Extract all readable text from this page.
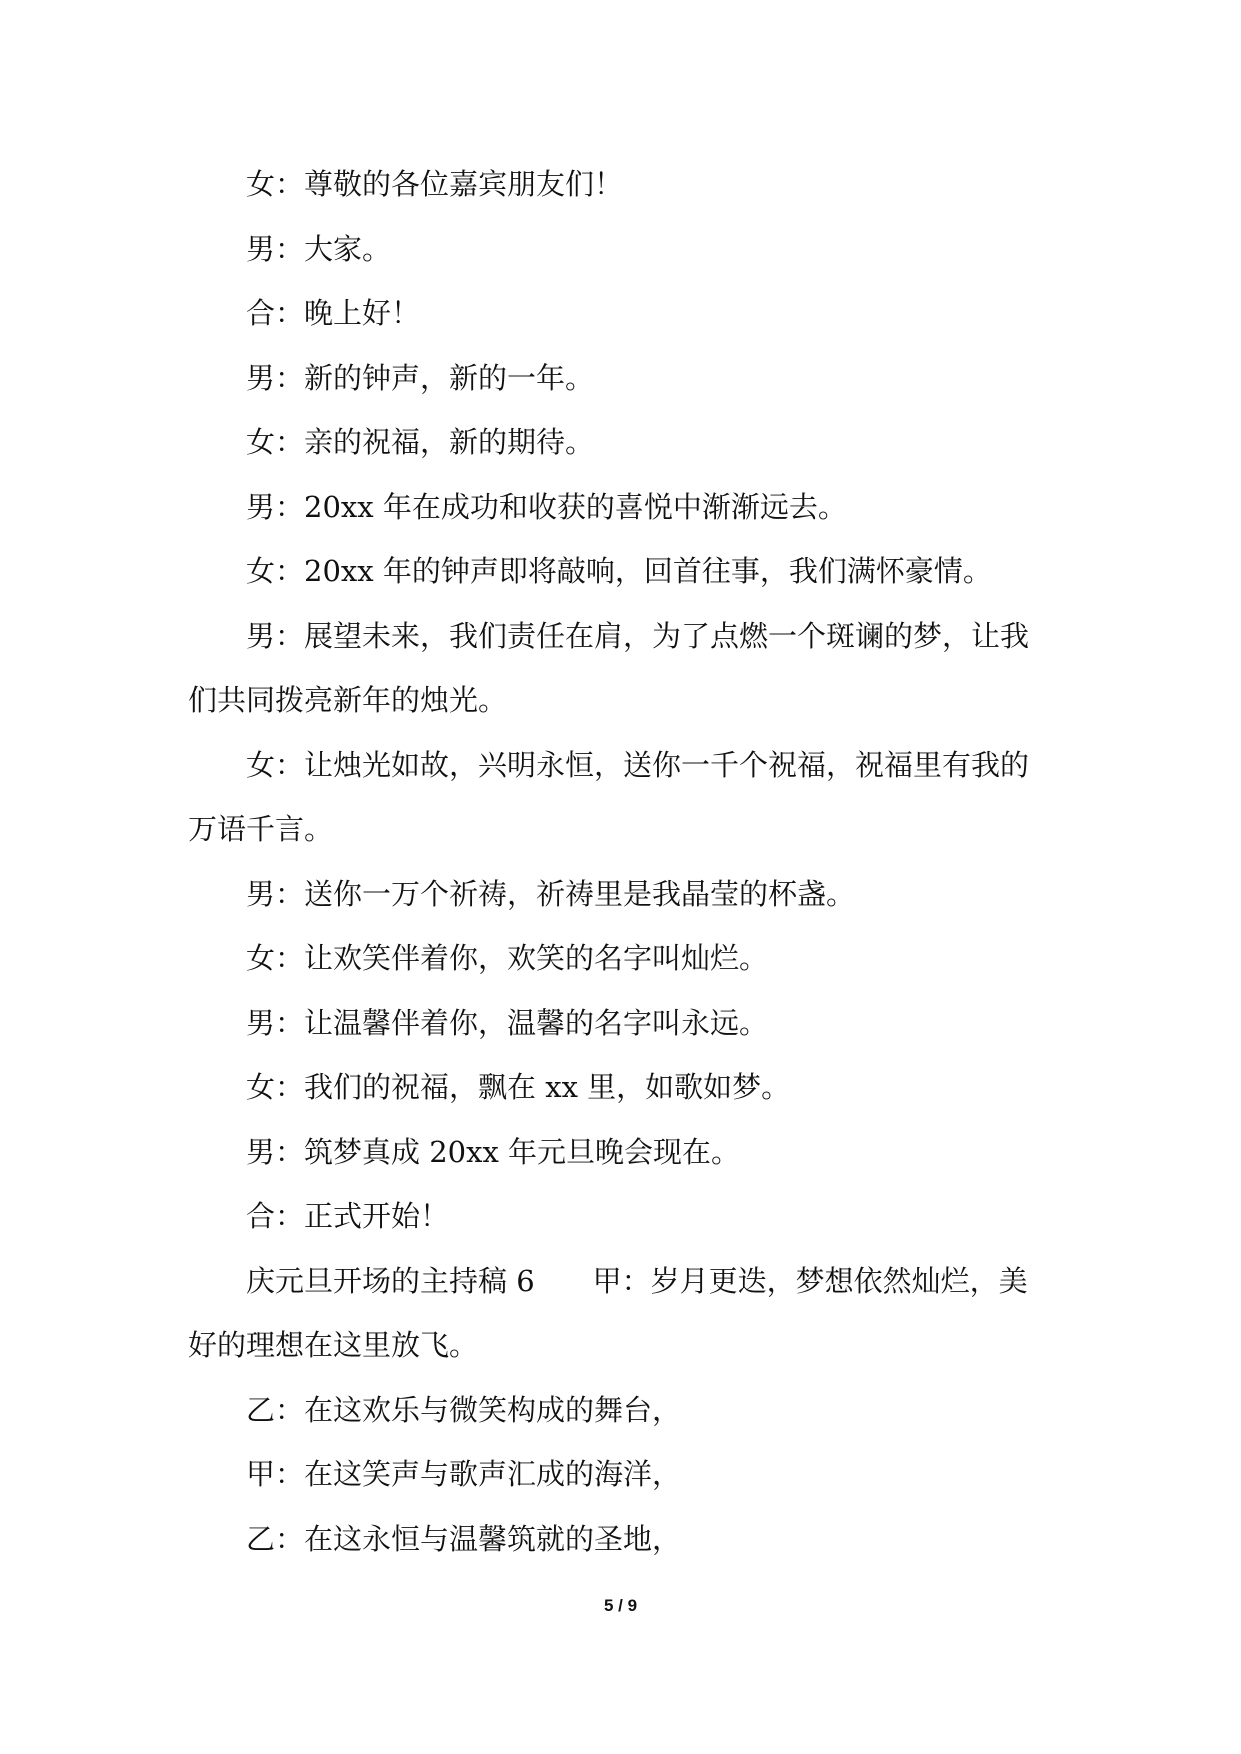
女：尊敬的各位嘉宾朋友们！

男：大家。

合：晚上好！

男：新的钟声，新的一年。

女：亲的祝福，新的期待。

男：20xx 年在成功和收获的喜悦中渐渐远去。

女：20xx 年的钟声即将敲响，回首往事，我们满怀豪情。

男：展望未来，我们责任在肩，为了点燃一个斑谰的梦，让我们共同拨亮新年的烛光。

女：让烛光如故，兴明永恒，送你一千个祝福，祝福里有我的万语千言。

男：送你一万个祈祷，祈祷里是我晶莹的杯盏。

女：让欢笑伴着你，欢笑的名字叫灿烂。

男：让温馨伴着你，温馨的名字叫永远。

女：我们的祝福，飘在 xx 里，如歌如梦。

男：筑梦真成 20xx 年元旦晚会现在。

合：正式开始！

庆元旦开场的主持稿 6　　甲：岁月更迭，梦想依然灿烂，美好的理想在这里放飞。

乙：在这欢乐与微笑构成的舞台，

甲：在这笑声与歌声汇成的海洋，

乙：在这永恒与温馨筑就的圣地，

5 / 9
